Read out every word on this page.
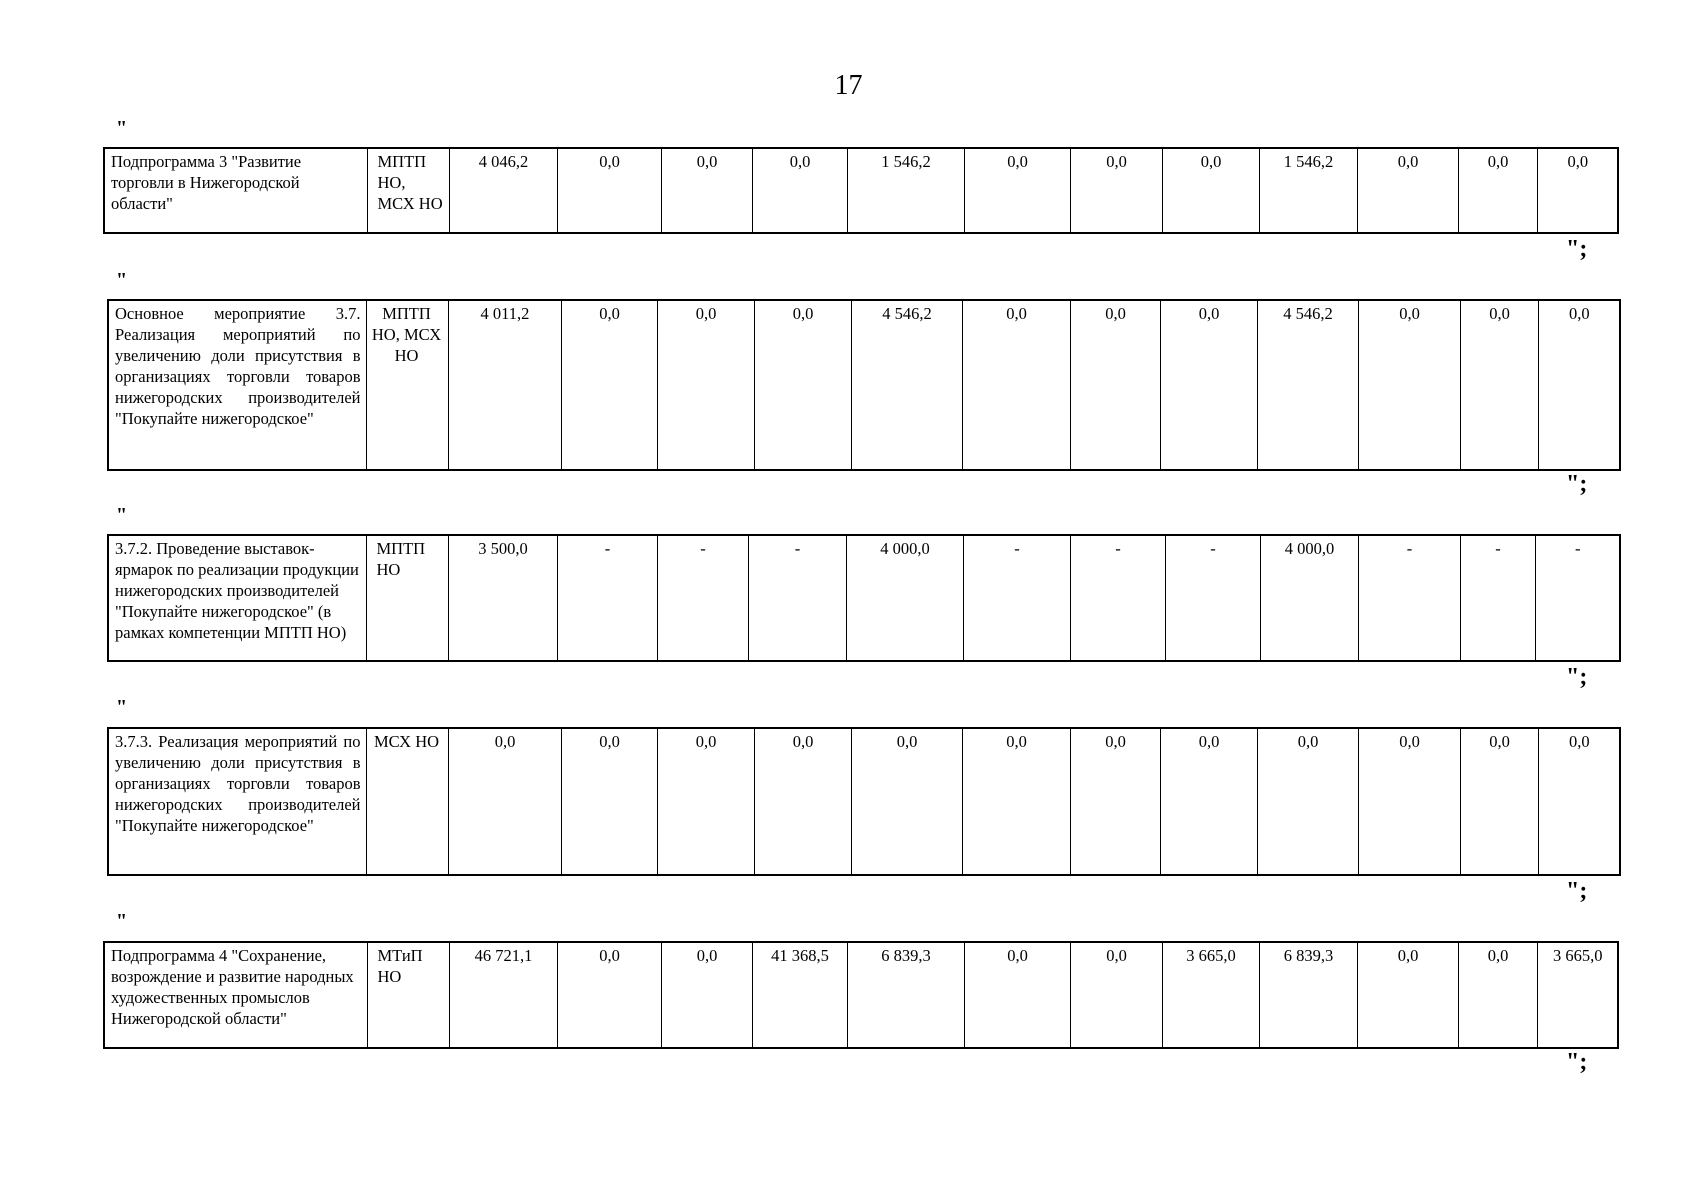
17
"
Подпрограмма 3 "Развитие торговли в Нижегородской области"	МПТП НО, МСХ НО	4 046,2	0,0	0,0	0,0	1 546,2	0,0	0,0	0,0	1 546,2	0,0	0,0	0,0
";
"
Основное мероприятие 3.7. Реализация мероприятий по увеличению доли присутствия в организациях торговли товаров нижегородских производителей "Покупайте нижегородское"	МПТП НО, МСХ НО	4 011,2	0,0	0,0	0,0	4 546,2	0,0	0,0	0,0	4 546,2	0,0	0,0	0,0
";
"
3.7.2. Проведение выставок-ярмарок по реализации продукции нижегородских производителей "Покупайте нижегородское" (в рамках компетенции МПТП НО)	МПТП НО	3 500,0	-	-	-	4 000,0	-	-	-	4 000,0	-	-	-
";
"
3.7.3. Реализация мероприятий по увеличению доли присутствия в организациях торговли товаров нижегородских производителей "Покупайте нижегородское"	МСХ НО	0,0	0,0	0,0	0,0	0,0	0,0	0,0	0,0	0,0	0,0	0,0	0,0
";
"
Подпрограмма 4 "Сохранение, возрождение и развитие народных художественных промыслов Нижегородской области"	МТиП НО	46 721,1	0,0	0,0	41 368,5	6 839,3	0,0	0,0	3 665,0	6 839,3	0,0	0,0	3 665,0
";
